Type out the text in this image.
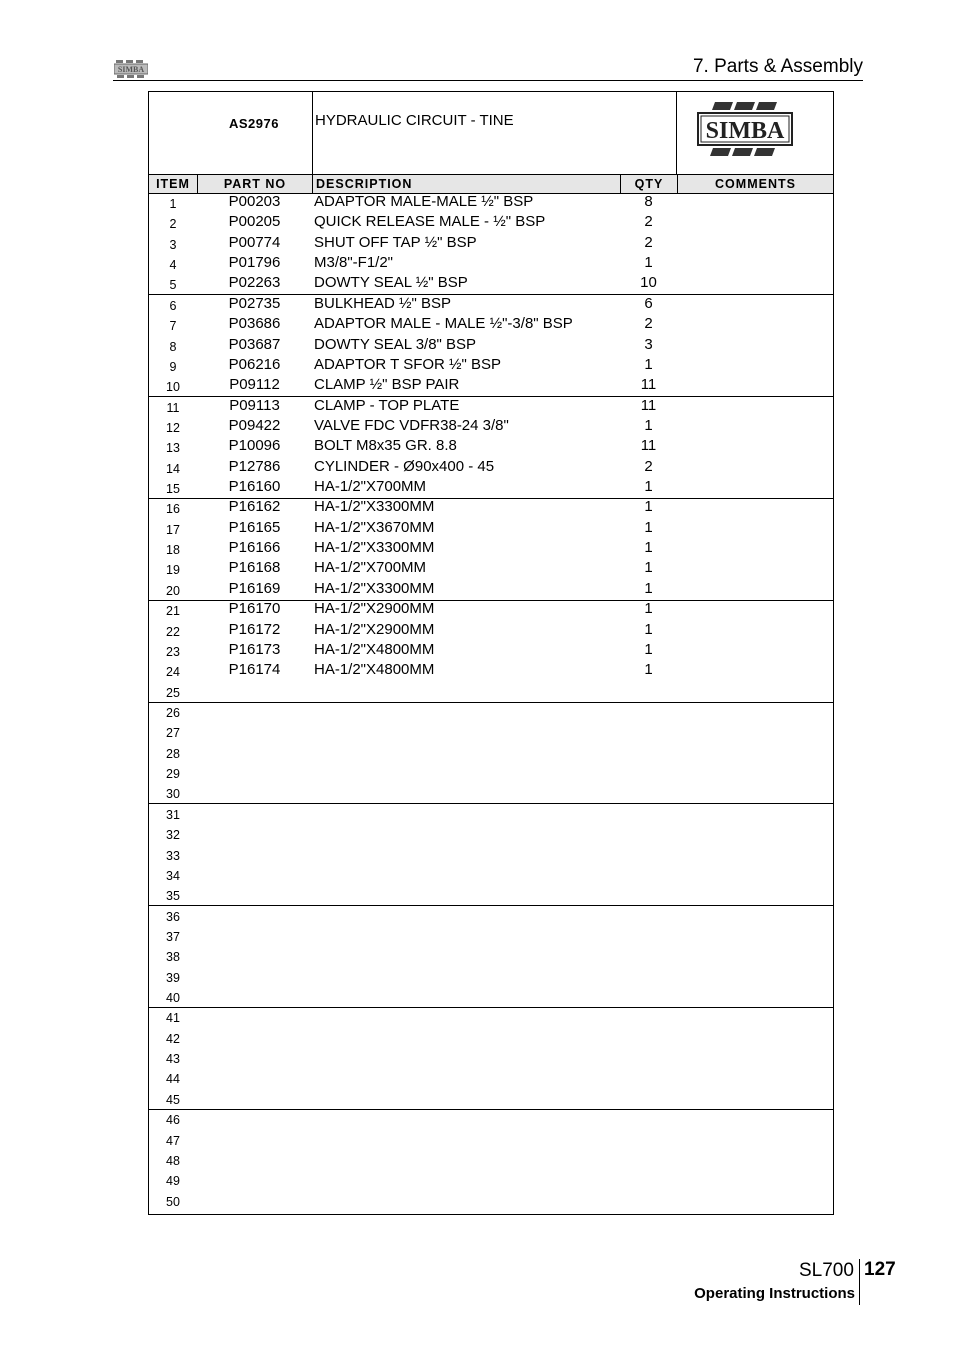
SIMBA	7. Parts & Assembly
AS2976 HYDRAULIC CIRCUIT - TINE	SIMBA
ITEM	PART NO	DESCRIPTION	QTY	COMMENTS
1	P00203	ADAPTOR MALE-MALE ½" BSP	8
2	P00205	QUICK RELEASE MALE - ½" BSP	2
3	P00774	SHUT OFF TAP ½" BSP	2
4	P01796	M3/8"-F1/2"	1
5	P02263	DOWTY SEAL ½" BSP	10
6	P02735	BULKHEAD ½" BSP	6
7	P03686	ADAPTOR MALE - MALE ½"-3/8" BSP	2
8	P03687	DOWTY SEAL 3/8" BSP	3
9	P06216	ADAPTOR T SFOR ½" BSP	1
10	P09112	CLAMP ½" BSP PAIR	11
11	P09113	CLAMP - TOP PLATE	11
12	P09422	VALVE FDC VDFR38-24 3/8"	1
13	P10096	BOLT M8x35 GR. 8.8	11
14	P12786	CYLINDER - Ø90x400 - 45	2
15	P16160	HA-1/2"X700MM	1
16	P16162	HA-1/2"X3300MM	1
17	P16165	HA-1/2"X3670MM	1
18	P16166	HA-1/2"X3300MM	1
19	P16168	HA-1/2"X700MM	1
20	P16169	HA-1/2"X3300MM	1
21	P16170	HA-1/2"X2900MM	1
22	P16172	HA-1/2"X2900MM	1
23	P16173	HA-1/2"X4800MM	1
24	P16174	HA-1/2"X4800MM	1
25
26
27
28
29
30
31
32
33
34
35
36
37
38
39
40
41
42
43
44
45
46
47
48
49
50
SL700 127
Operating Instructions
